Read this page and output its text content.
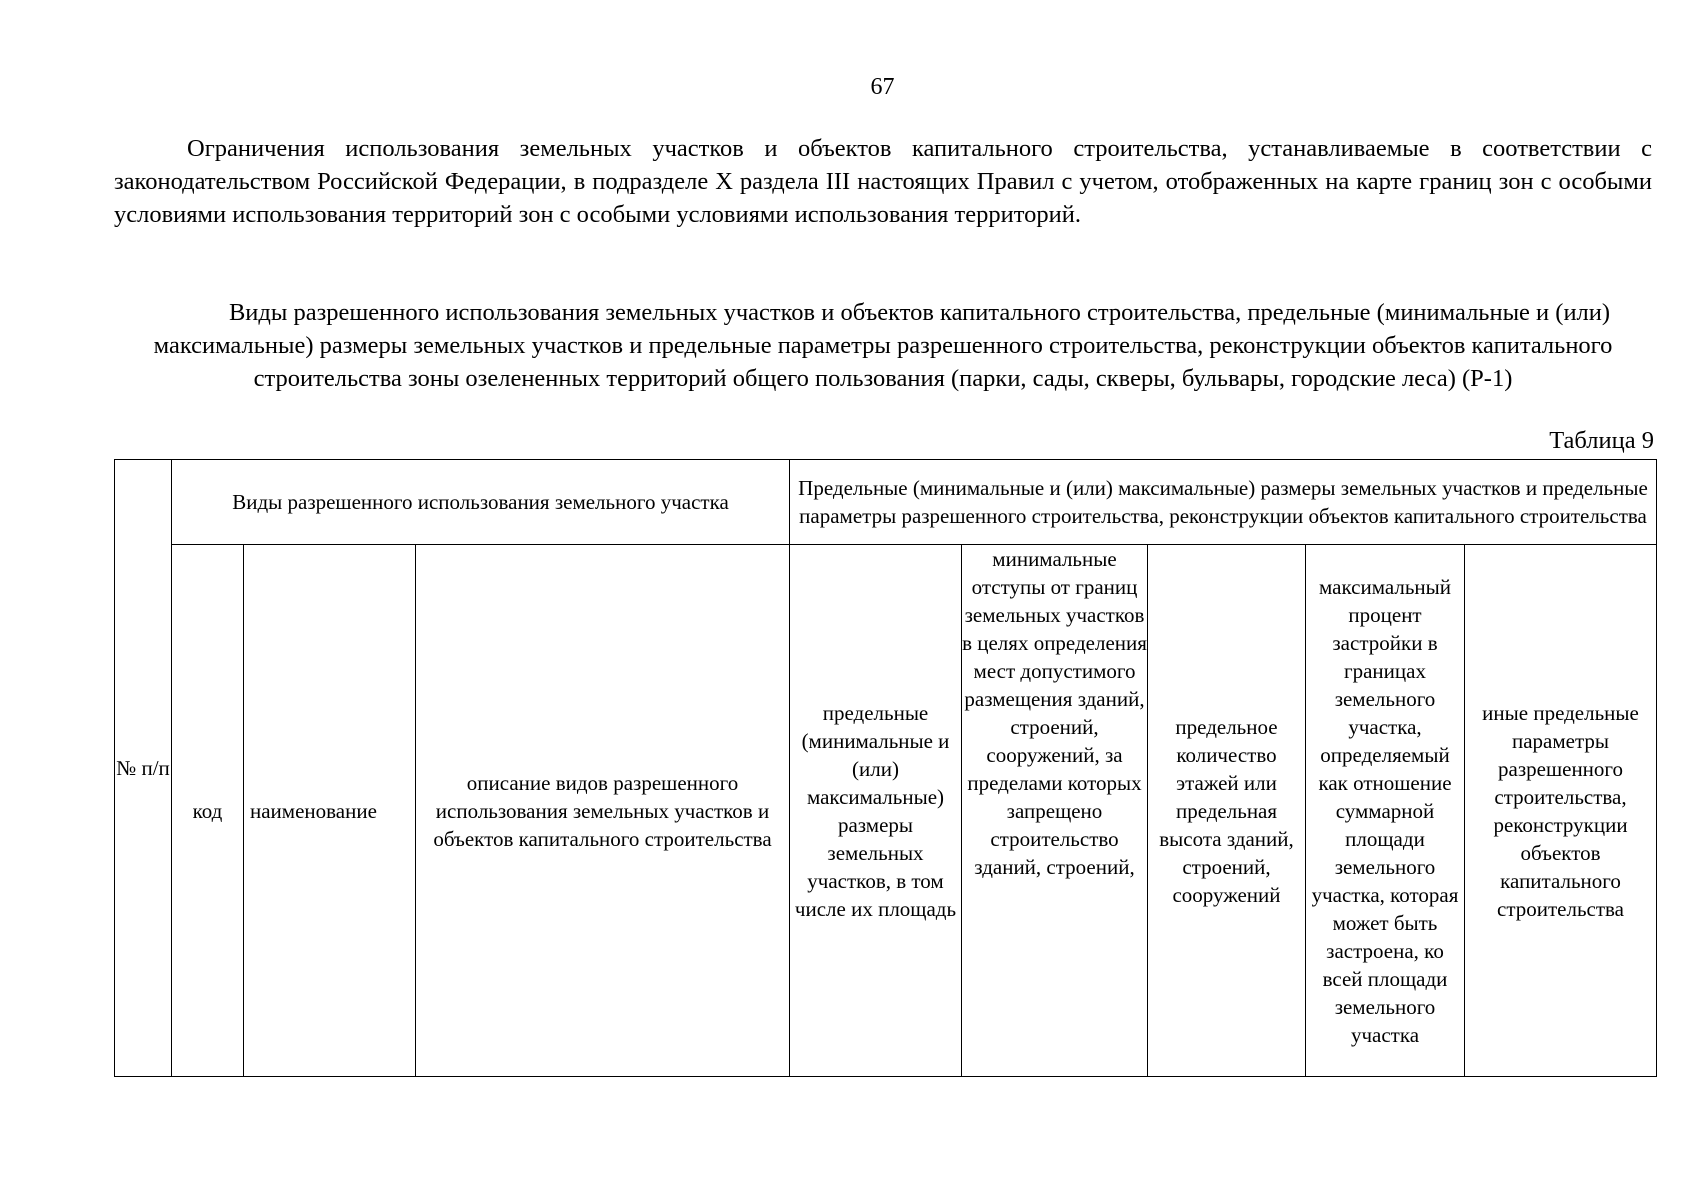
67

Ограничения использования земельных участков и объектов капитального строительства, устанавливаемые в соответствии с законодательством Российской Федерации, в подразделе X раздела III настоящих Правил с учетом, отображенных на карте границ зон с особыми условиями использования территорий зон с особыми условиями использования территорий.

Виды разрешенного использования земельных участков и объектов капитального строительства, предельные (минимальные и (или) максимальные) размеры земельных участков и предельные параметры разрешенного строительства, реконструкции объектов капитального строительства зоны озелененных территорий общего пользования (парки, сады, скверы, бульвары, городские леса) (Р-1)

Таблица 9
№ п/п	Виды разрешенного использования земельного участка			Предельные (минимальные и (или) максимальные) размеры земельных участков и предельные параметры разрешенного строительства, реконструкции объектов капитального строительства				
	код	наименование	описание видов разрешенного использования земельных участков и объектов капитального строительства	предельные (минимальные и (или) максимальные) размеры земельных участков, в том числе их площадь	минимальные отступы от границ земельных участков в целях определения мест допустимого размещения зданий, строений, сооружений, за пределами которых запрещено строительство зданий, строений,	предельное количество этажей или предельная высота зданий, строений, сооружений	максимальный процент застройки в границах земельного участка, определяемый как отношение суммарной площади земельного участка, которая может быть застроена, ко всей площади земельного участка	иные предельные параметры разрешенного строительства, реконструкции объектов капитального строительства
